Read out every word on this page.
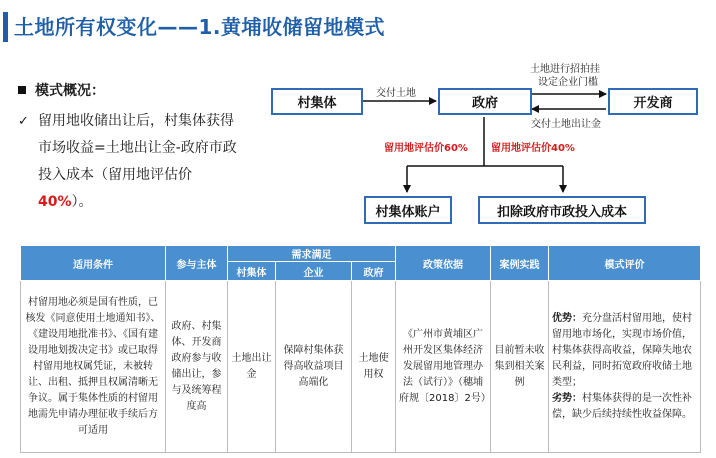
土地所有权变化——1.黄埔收储留地模式
模式概况：
✓ 留用地收储出让后，村集体获得市场收益=土地出让金-政府市政投入成本（留用地评估价40%）。
村集体	政府	开发商
村集体账户	扣除政府市政投入成本
交付土地
土地进行招拍挂
设定企业门槛
交付土地出让金
留用地评估价60% 留用地评估价40%
适用条件	参与主体	需求满足			政策依据	案例实践	模式评价
		村集体	企业	政府			
村留用地必须是国有性质，已核发《同意使用土地通知书》、《建设用地批准书》、《国有建设用地划拨决定书》或已取得村留用地权属凭证，未被转让、出租、抵押且权属清晰无争议。属于集体性质的村留用地需先申请办理征收手续后方可适用	政府、村集体、开发商政府参与收储出让，参与及统筹程度高	土地出让金	保障村集体获得高收益项目高端化	土地使用权	《广州市黄埔区广州开发区集体经济发展留用地管理办法（试行）》（穗埔府规〔2018〕2号）	目前暂未收集到相关案例	优势：充分盘活村留用地，使村留用地市场化，实现市场价值，村集体获得高收益，保障失地农民利益，同时拓宽政府收储土地类型；
劣势：村集体获得的是一次性补偿，缺少后续持续性收益保障。
